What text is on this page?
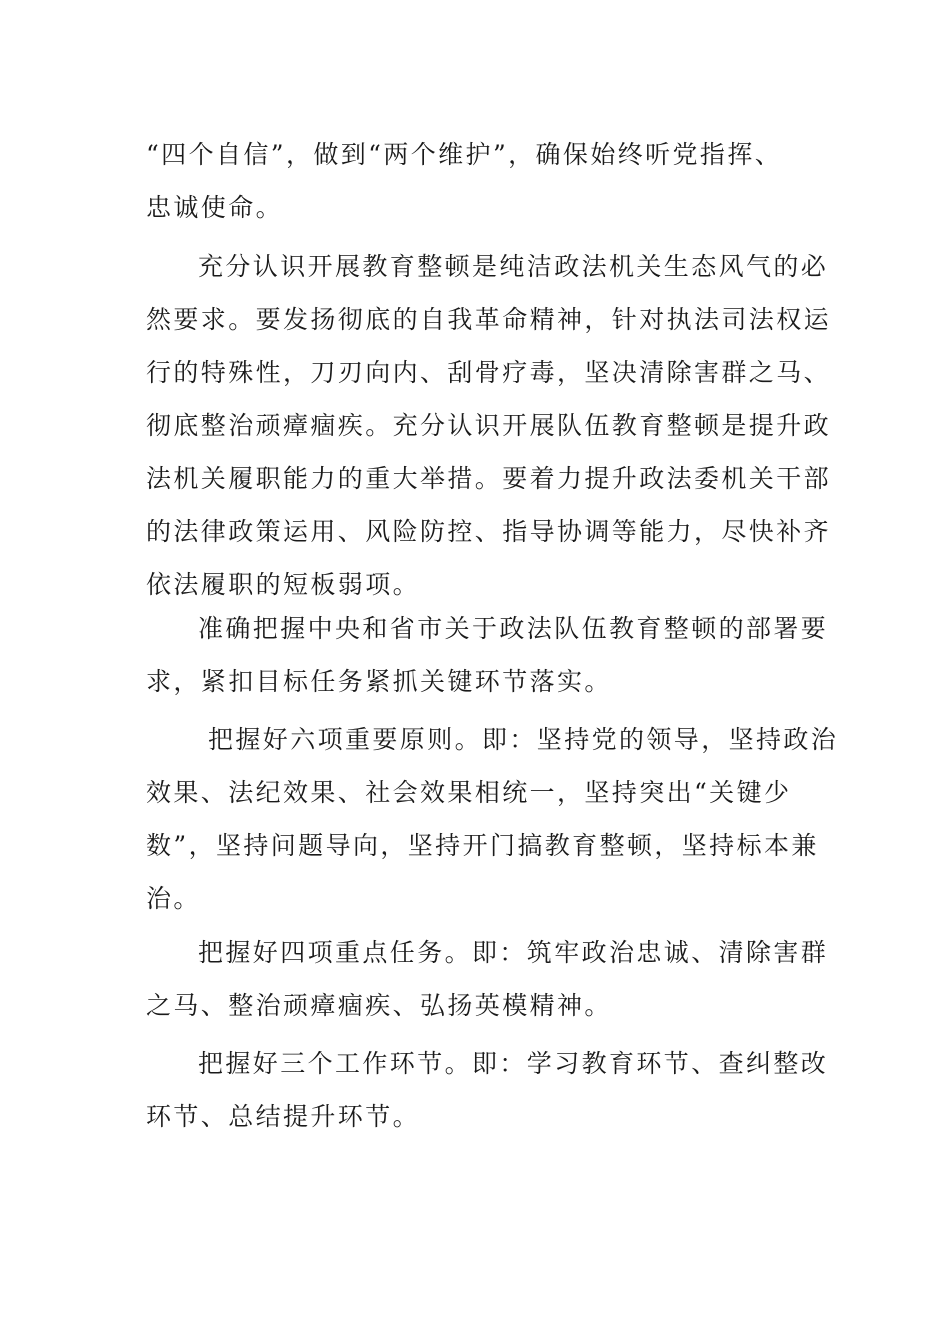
“四个自信”，做到“两个维护”，确保始终听党指挥、
忠诚使命。
充分认识开展教育整顿是纯洁政法机关生态风气的必
然要求。要发扬彻底的自我革命精神，针对执法司法权运
行的特殊性，刀刃向内、刮骨疗毒，坚决清除害群之马、
彻底整治顽瘴痼疾。充分认识开展队伍教育整顿是提升政
法机关履职能力的重大举措。要着力提升政法委机关干部
的法律政策运用、风险防控、指导协调等能力，尽快补齐
依法履职的短板弱项。
准确把握中央和省市关于政法队伍教育整顿的部署要
求，紧扣目标任务紧抓关键环节落实。
把握好六项重要原则。即：坚持党的领导，坚持政治
效果、法纪效果、社会效果相统一，坚持突出“关键少
数”，坚持问题导向，坚持开门搞教育整顿，坚持标本兼
治。
把握好四项重点任务。即：筑牢政治忠诚、清除害群
之马、整治顽瘴痼疾、弘扬英模精神。
把握好三个工作环节。即：学习教育环节、查纠整改
环节、总结提升环节。
